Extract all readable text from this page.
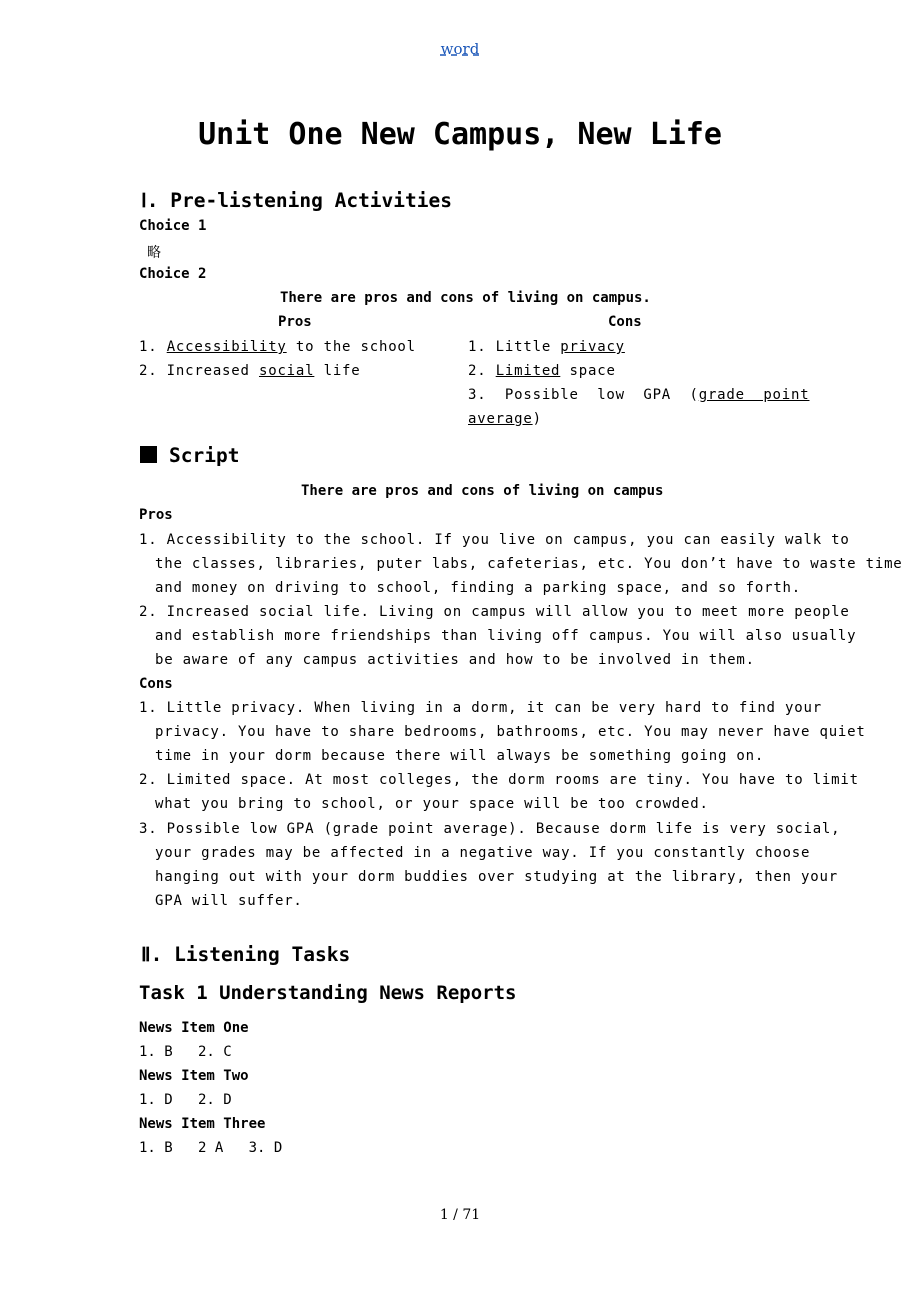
word
Unit One New Campus, New Life
Ⅰ. Pre-listening Activities
Choice 1
略
Choice 2
There are pros and cons of living on campus.
Pros	Cons
1. Accessibility to the school
2. Increased social life
1. Little privacy
2. Limited space
3.  Possible  low  GPA  (grade  point
average)
Script
There are pros and cons of living on campus
Pros
1. Accessibility to the school. If you live on campus, you can easily walk to
the classes, libraries, puter labs, cafeterias, etc. You don’t have to waste time
and money on driving to school, finding a parking space, and so forth.
2. Increased social life. Living on campus will allow you to meet more people
and establish more friendships than living off campus. You will also usually
be aware of any campus activities and how to be involved in them.
Cons
1. Little privacy. When living in a dorm, it can be very hard to find your
privacy. You have to share bedrooms, bathrooms, etc. You may never have quiet
time in your dorm because there will always be something going on.
2. Limited space. At most colleges, the dorm rooms are tiny. You have to limit
what you bring to school, or your space will be too crowded.
3. Possible low GPA (grade point average). Because dorm life is very social,
your grades may be affected in a negative way. If you constantly choose
hanging out with your dorm buddies over studying at the library, then your
GPA will suffer.
Ⅱ. Listening Tasks
Task 1 Understanding News Reports
News Item One
1. B   2. C
News Item Two
1. D   2. D
News Item Three
1. B   2 A   3. D
1 / 71
